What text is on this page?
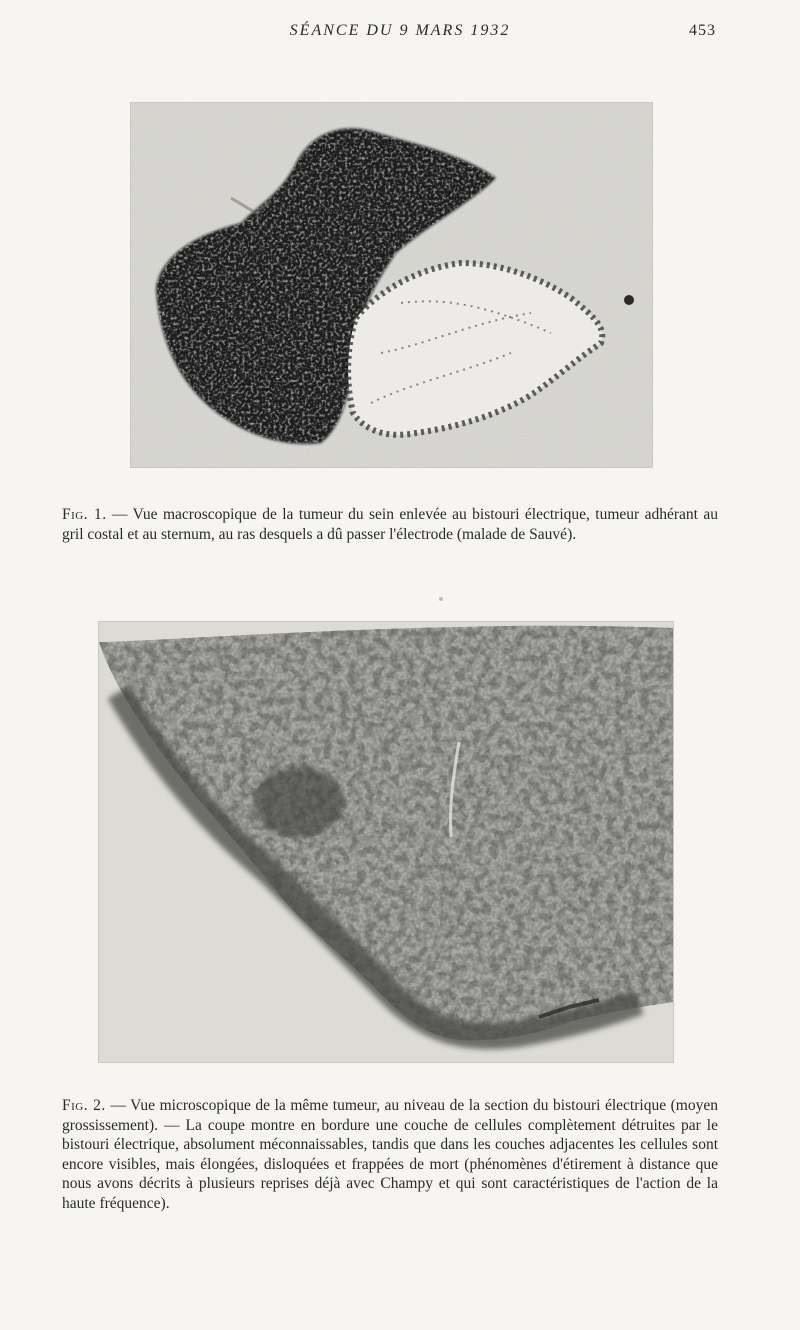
SÉANCE DU 9 MARS 1932	453
Fig. 1. — Vue macroscopique de la tumeur du sein enlevée au bistouri électrique, tumeur adhérant au gril costal et au sternum, au ras desquels a dû passer l'électrode (malade de Sauvé).
Fig. 2. — Vue microscopique de la même tumeur, au niveau de la section du bistouri électrique (moyen grossissement). — La coupe montre en bordure une couche de cellules complètement détruites par le bistouri électrique, absolument méconnaissables, tandis que dans les couches adjacentes les cellules sont encore visibles, mais élongées, disloquées et frappées de mort (phénomènes d'étirement à distance que nous avons décrits à plusieurs reprises déjà avec Champy et qui sont caractéristiques de l'action de la haute fréquence).
